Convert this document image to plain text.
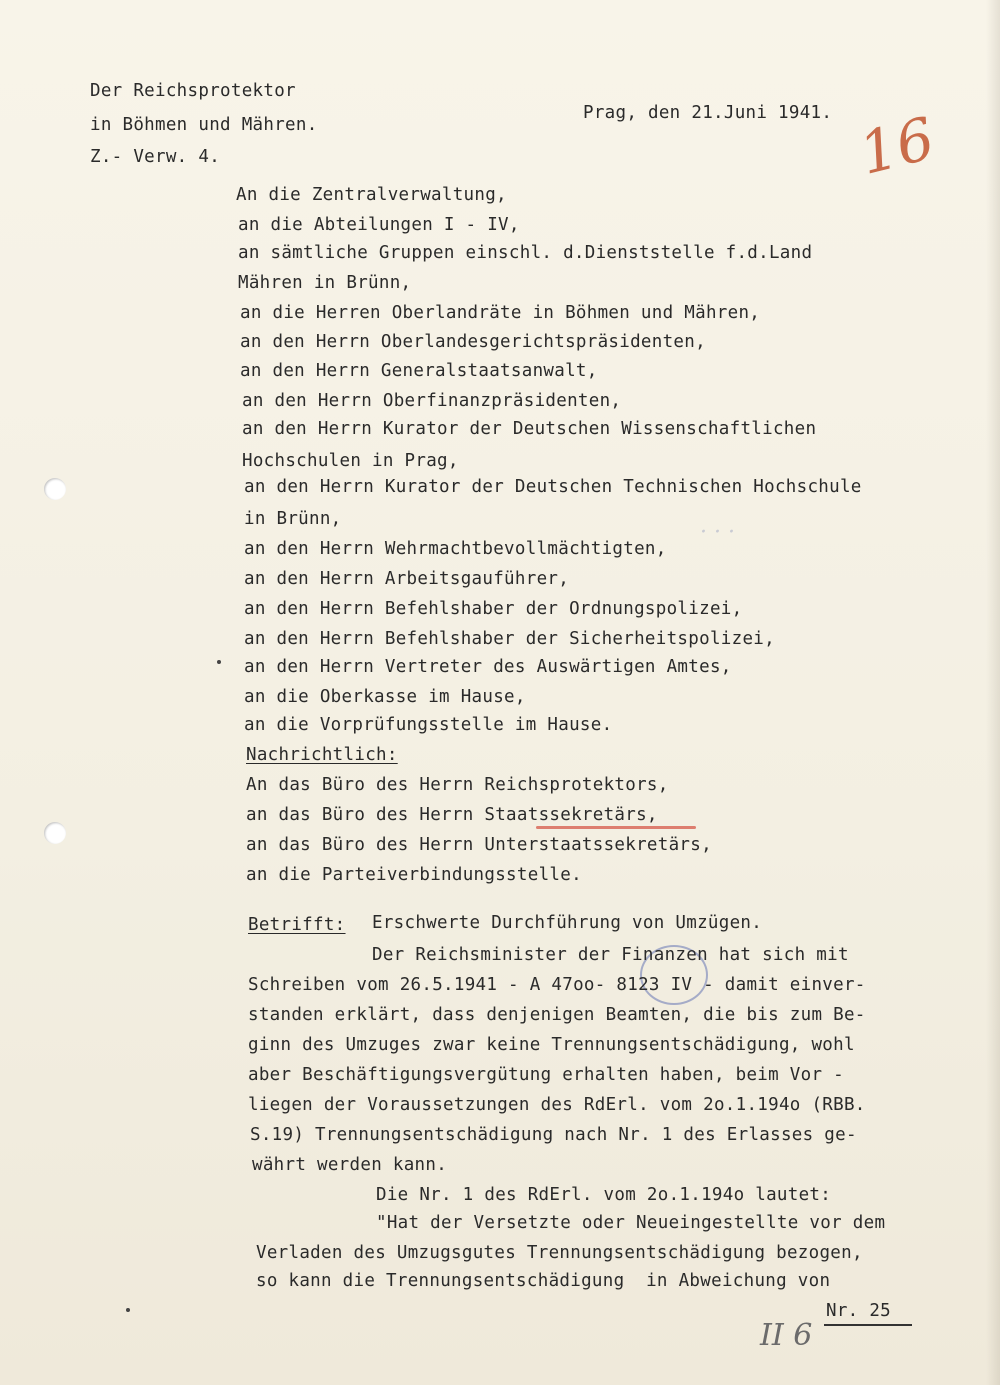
· · ·
Der Reichsprotektor
in Böhmen und Mähren.
Z.- Verw. 4.
Prag, den 21.Juni 1941. 16
An die Zentralverwaltung,
an die Abteilungen I - IV,
an sämtliche Gruppen einschl. d.Dienststelle f.d.Land
Mähren in Brünn,
an die Herren Oberlandräte in Böhmen und Mähren,
an den Herrn Oberlandesgerichtspräsidenten,
an den Herrn Generalstaatsanwalt,
an den Herrn Oberfinanzpräsidenten,
an den Herrn Kurator der Deutschen Wissenschaftlichen
Hochschulen in Prag,
an den Herrn Kurator der Deutschen Technischen Hochschule
in Brünn,
an den Herrn Wehrmachtbevollmächtigten,
an den Herrn Arbeitsgauführer,
an den Herrn Befehlshaber der Ordnungspolizei,
an den Herrn Befehlshaber der Sicherheitspolizei,
an den Herrn Vertreter des Auswärtigen Amtes,
an die Oberkasse im Hause,
an die Vorprüfungsstelle im Hause.
Nachrichtlich:
An das Büro des Herrn Reichsprotektors,
an das Büro des Herrn Staatssekretärs,
an das Büro des Herrn Unterstaatssekretärs,
an die Parteiverbindungsstelle.
Betrifft: Erschwerte Durchführung von Umzügen.
Der Reichsminister der Finanzen hat sich mit
Schreiben vom 26.5.1941 - A 47oo- 8123 IV - damit einver-
standen erklärt, dass denjenigen Beamten, die bis zum Be-
ginn des Umzuges zwar keine Trennungsentschädigung, wohl
aber Beschäftigungsvergütung erhalten haben, beim Vor -
liegen der Voraussetzungen des RdErl. vom 2o.1.194o (RBB.
S.19) Trennungsentschädigung nach Nr. 1 des Erlasses ge-
währt werden kann.
Die Nr. 1 des RdErl. vom 2o.1.194o lautet:
"Hat der Versetzte oder Neueingestellte vor dem
Verladen des Umzugsgutes Trennungsentschädigung bezogen,
so kann die Trennungsentschädigung  in Abweichung von
Nr. 25
II 6
